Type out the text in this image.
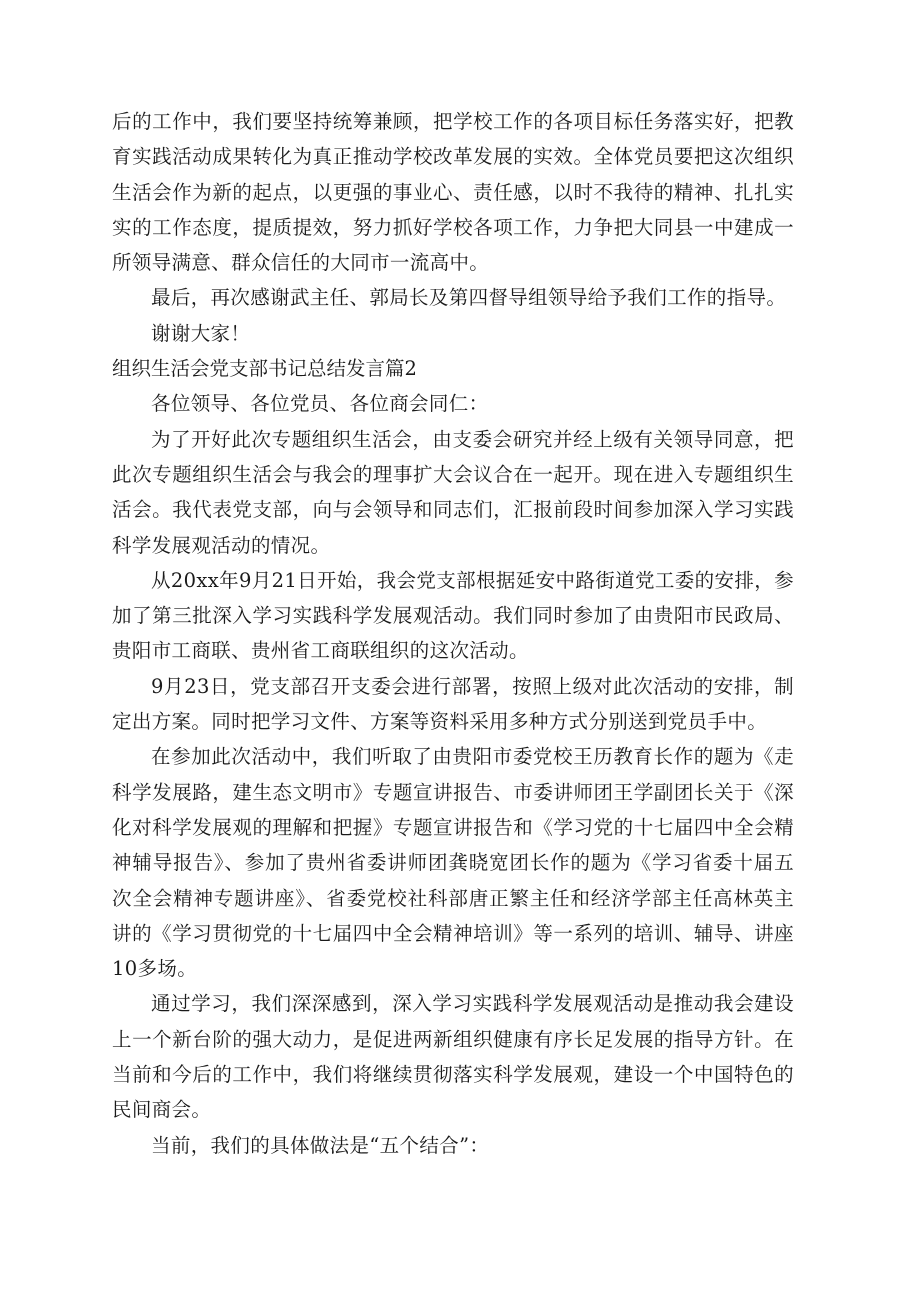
后的工作中，我们要坚持统筹兼顾，把学校工作的各项目标任务落实好，把教育实践活动成果转化为真正推动学校改革发展的实效。全体党员要把这次组织生活会作为新的起点，以更强的事业心、责任感，以时不我待的精神、扎扎实实的工作态度，提质提效，努力抓好学校各项工作，力争把大同县一中建成一所领导满意、群众信任的大同市一流高中。

最后，再次感谢武主任、郭局长及第四督导组领导给予我们工作的指导。

谢谢大家！

组织生活会党支部书记总结发言篇2

各位领导、各位党员、各位商会同仁：

为了开好此次专题组织生活会，由支委会研究并经上级有关领导同意，把此次专题组织生活会与我会的理事扩大会议合在一起开。现在进入专题组织生活会。我代表党支部，向与会领导和同志们，汇报前段时间参加深入学习实践科学发展观活动的情况。

从20xx年9月21日开始，我会党支部根据延安中路街道党工委的安排，参加了第三批深入学习实践科学发展观活动。我们同时参加了由贵阳市民政局、贵阳市工商联、贵州省工商联组织的这次活动。

9月23日，党支部召开支委会进行部署，按照上级对此次活动的安排，制定出方案。同时把学习文件、方案等资料采用多种方式分别送到党员手中。

在参加此次活动中，我们听取了由贵阳市委党校王历教育长作的题为《走科学发展路，建生态文明市》专题宣讲报告、市委讲师团王学副团长关于《深化对科学发展观的理解和把握》专题宣讲报告和《学习党的十七届四中全会精神辅导报告》、参加了贵州省委讲师团龚晓宽团长作的题为《学习省委十届五次全会精神专题讲座》、省委党校社科部唐正繁主任和经济学部主任高林英主讲的《学习贯彻党的十七届四中全会精神培训》等一系列的培训、辅导、讲座10多场。

通过学习，我们深深感到，深入学习实践科学发展观活动是推动我会建设上一个新台阶的强大动力，是促进两新组织健康有序长足发展的指导方针。在当前和今后的工作中，我们将继续贯彻落实科学发展观，建设一个中国特色的民间商会。

当前，我们的具体做法是“五个结合”：
